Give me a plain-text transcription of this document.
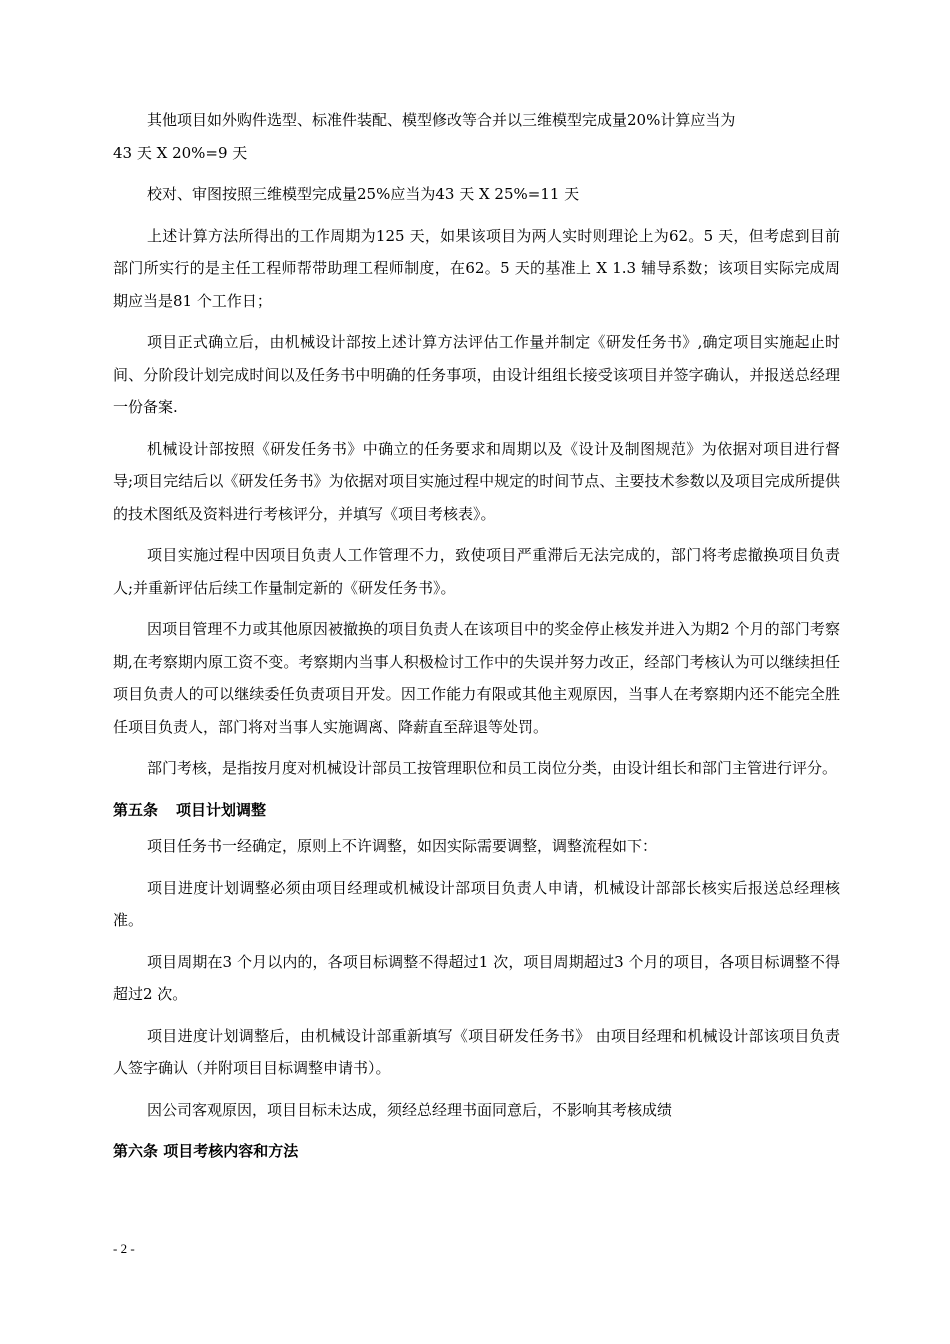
其他项目如外购件选型、标准件装配、模型修改等合并以三维模型完成量20%计算应当为

43 天 X 20%=9 天

校对、审图按照三维模型完成量25%应当为43 天 X 25%=11 天

上述计算方法所得出的工作周期为125 天，如果该项目为两人实时则理论上为62。5 天，但考虑到目前部门所实行的是主任工程师帮带助理工程师制度，在62。5 天的基准上 X 1.3 辅导系数；该项目实际完成周期应当是81 个工作日；

项目正式确立后，由机械设计部按上述计算方法评估工作量并制定《研发任务书》,确定项目实施起止时间、分阶段计划完成时间以及任务书中明确的任务事项，由设计组组长接受该项目并签字确认，并报送总经理一份备案.

机械设计部按照《研发任务书》中确立的任务要求和周期以及《设计及制图规范》为依据对项目进行督导;项目完结后以《研发任务书》为依据对项目实施过程中规定的时间节点、主要技术参数以及项目完成所提供的技术图纸及资料进行考核评分，并填写《项目考核表》。

项目实施过程中因项目负责人工作管理不力，致使项目严重滞后无法完成的，部门将考虑撤换项目负责人;并重新评估后续工作量制定新的《研发任务书》。

因项目管理不力或其他原因被撤换的项目负责人在该项目中的奖金停止核发并进入为期2 个月的部门考察期,在考察期内原工资不变。考察期内当事人积极检讨工作中的失误并努力改正，经部门考核认为可以继续担任项目负责人的可以继续委任负责项目开发。因工作能力有限或其他主观原因，当事人在考察期内还不能完全胜任项目负责人，部门将对当事人实施调离、降薪直至辞退等处罚。

部门考核，是指按月度对机械设计部员工按管理职位和员工岗位分类，由设计组长和部门主管进行评分。

第五条 项目计划调整

项目任务书一经确定，原则上不许调整，如因实际需要调整，调整流程如下：

项目进度计划调整必须由项目经理或机械设计部项目负责人申请，机械设计部部长核实后报送总经理核准。

项目周期在3 个月以内的，各项目标调整不得超过1 次，项目周期超过3 个月的项目，各项目标调整不得超过2 次。

项目进度计划调整后，由机械设计部重新填写《项目研发任务书》 由项目经理和机械设计部该项目负责人签字确认（并附项目目标调整申请书）。

因公司客观原因，项目目标未达成，须经总经理书面同意后，不影响其考核成绩

第六条 项目考核内容和方法
- 2 -
